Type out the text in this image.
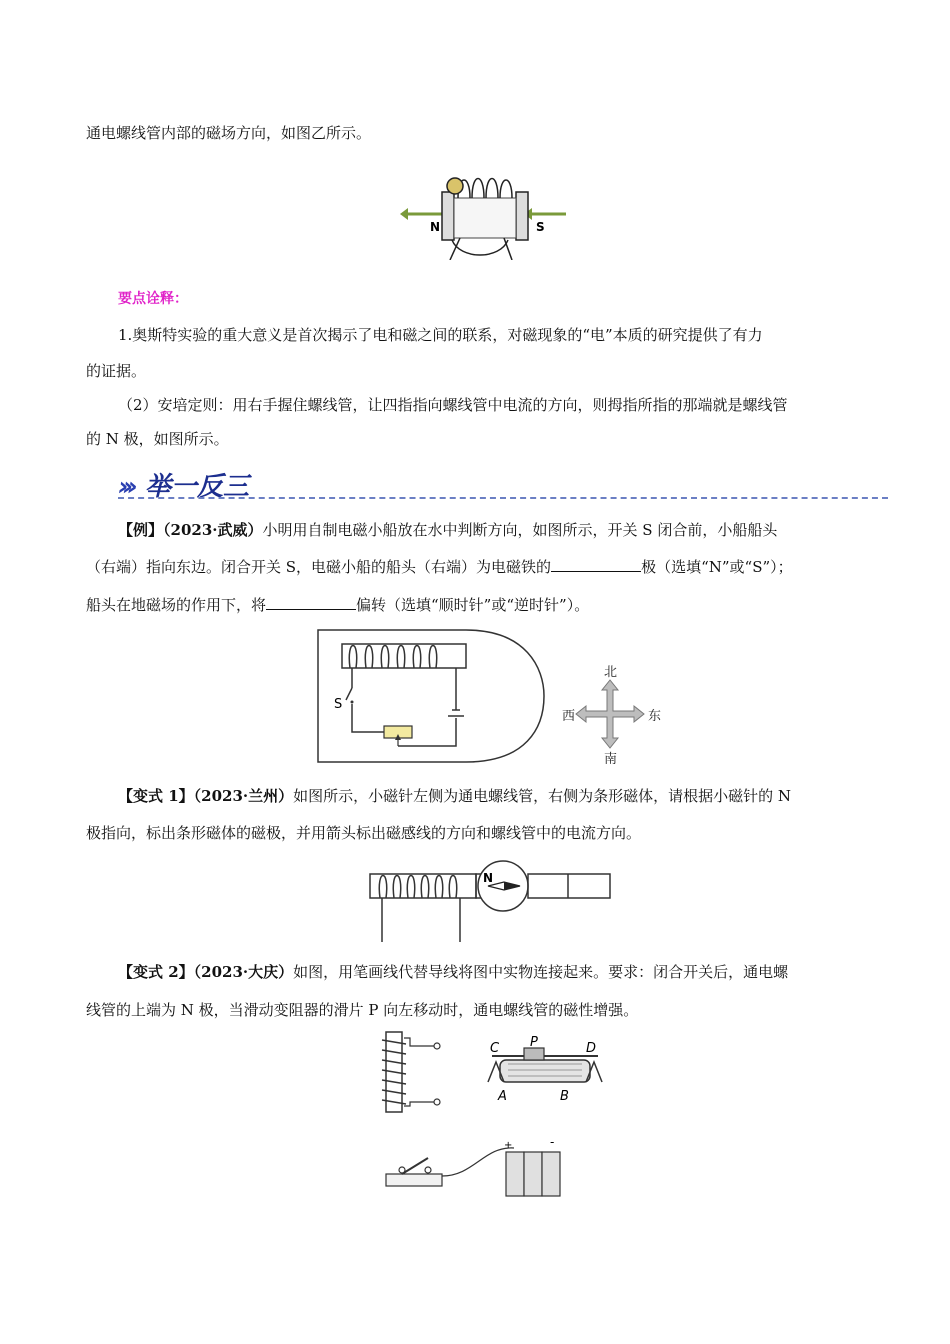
通电螺线管内部的磁场方向，如图乙所示。
N	S
要点诠释：
1.奥斯特实验的重大意义是首次揭示了电和磁之间的联系，对磁现象的“电”本质的研究提供了有力
的证据。
（2）安培定则：用右手握住螺线管，让四指指向螺线管中电流的方向，则拇指所指的那端就是螺线管
的 N 极，如图所示。
››› 举一反三
【例】（2023·武威）小明用自制电磁小船放在水中判断方向，如图所示，开关 S 闭合前，小船船头
（右端）指向东边。闭合开关 S，电磁小船的船头（右端）为电磁铁的	极（选填“N”或“S”）；
船头在地磁场的作用下，将	偏转（选填“顺时针”或“逆时针”）。
S
北
南
西	东
【变式 1】（2023·兰州）如图所示，小磁针左侧为通电螺线管，右侧为条形磁体，请根据小磁针的 N
极指向，标出条形磁体的磁极，并用箭头标出磁感线的方向和螺线管中的电流方向。
N
【变式 2】（2023·大庆）如图，用笔画线代替导线将图中实物连接起来。要求：闭合开关后，通电螺
线管的上端为 N 极，当滑动变阻器的滑片 P 向左移动时，通电螺线管的磁性增强。
C P	D
A	B
+	-
